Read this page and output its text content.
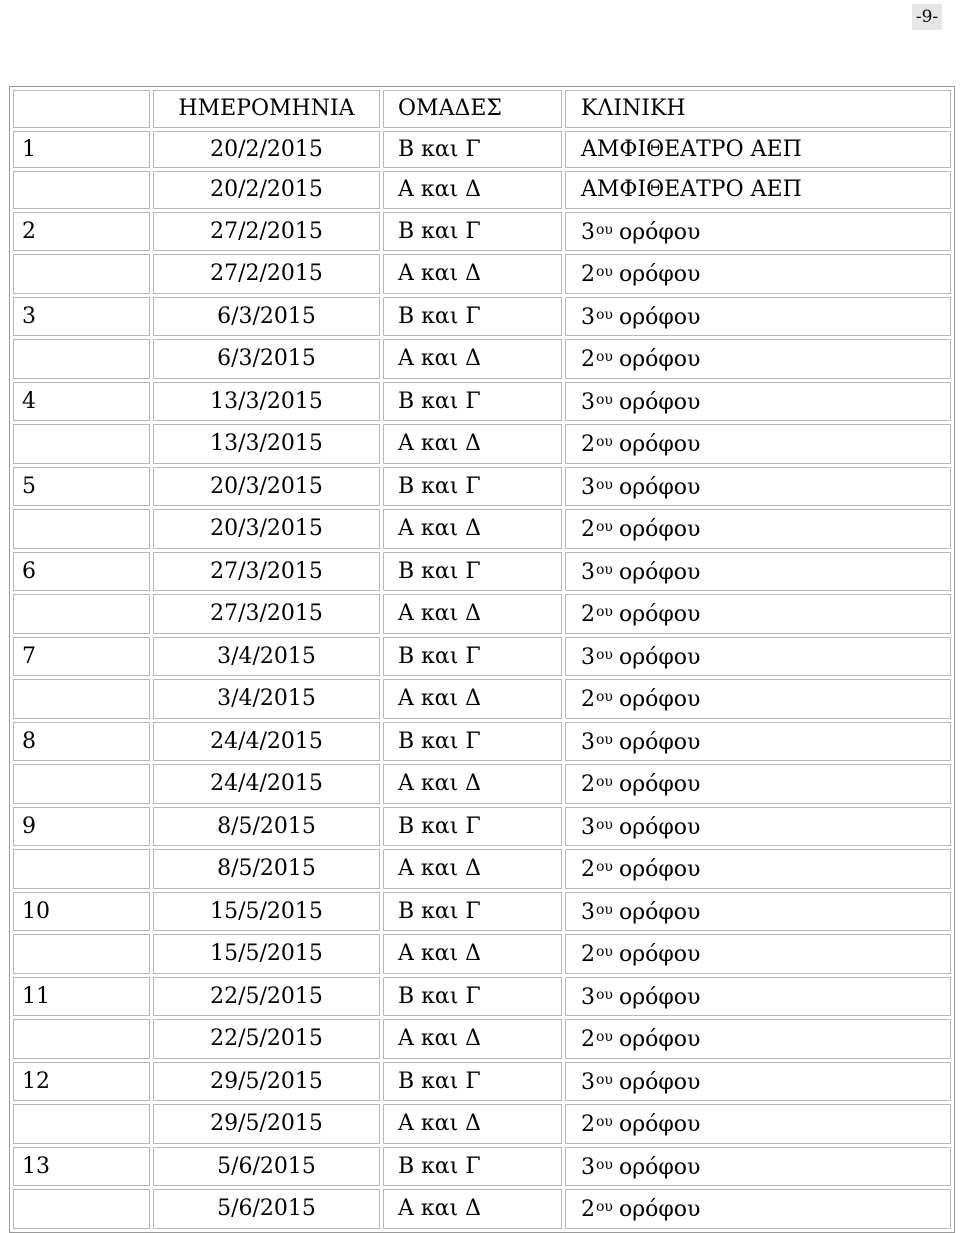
-9-
	ΗΜΕΡΟΜΗΝΙΑ	ΟΜΑΔΕΣ	ΚΛΙΝΙΚΗ
1	20/2/2015	Β και Γ	ΑΜΦΙΘΕΑΤΡΟ ΑΕΠ
	20/2/2015	Α και Δ	ΑΜΦΙΘΕΑΤΡΟ ΑΕΠ
2	27/2/2015	Β και Γ	$3^{o\upsilon}$ ορόφου
	27/2/2015	Α και Δ	$2^{o\upsilon}$ ορόφου
3	6/3/2015	Β και Γ	$3^{o\upsilon}$ ορόφου
	6/3/2015	Α και Δ	$2^{o\upsilon}$ ορόφου
4	13/3/2015	Β και Γ	$3^{o\upsilon}$ ορόφου
	13/3/2015	Α και Δ	$2^{o\upsilon}$ ορόφου
5	20/3/2015	Β και Γ	$3^{o\upsilon}$ ορόφου
	20/3/2015	Α και Δ	$2^{o\upsilon}$ ορόφου
6	27/3/2015	Β και Γ	$3^{o\upsilon}$ ορόφου
	27/3/2015	Α και Δ	$2^{o\upsilon}$ ορόφου
7	3/4/2015	Β και Γ	$3^{o\upsilon}$ ορόφου
	3/4/2015	Α και Δ	$2^{o\upsilon}$ ορόφου
8	24/4/2015	Β και Γ	$3^{o\upsilon}$ ορόφου
	24/4/2015	Α και Δ	$2^{o\upsilon}$ ορόφου
9	8/5/2015	Β και Γ	$3^{o\upsilon}$ ορόφου
	8/5/2015	Α και Δ	$2^{o\upsilon}$ ορόφου
10	15/5/2015	Β και Γ	$3^{o\upsilon}$ ορόφου
	15/5/2015	Α και Δ	$2^{o\upsilon}$ ορόφου
11	22/5/2015	Β και Γ	$3^{o\upsilon}$ ορόφου
	22/5/2015	Α και Δ	$2^{o\upsilon}$ ορόφου
12	29/5/2015	Β και Γ	$3^{o\upsilon}$ ορόφου
	29/5/2015	Α και Δ	$2^{o\upsilon}$ ορόφου
13	5/6/2015	Β και Γ	$3^{o\upsilon}$ ορόφου
	5/6/2015	Α και Δ	$2^{o\upsilon}$ ορόφου
